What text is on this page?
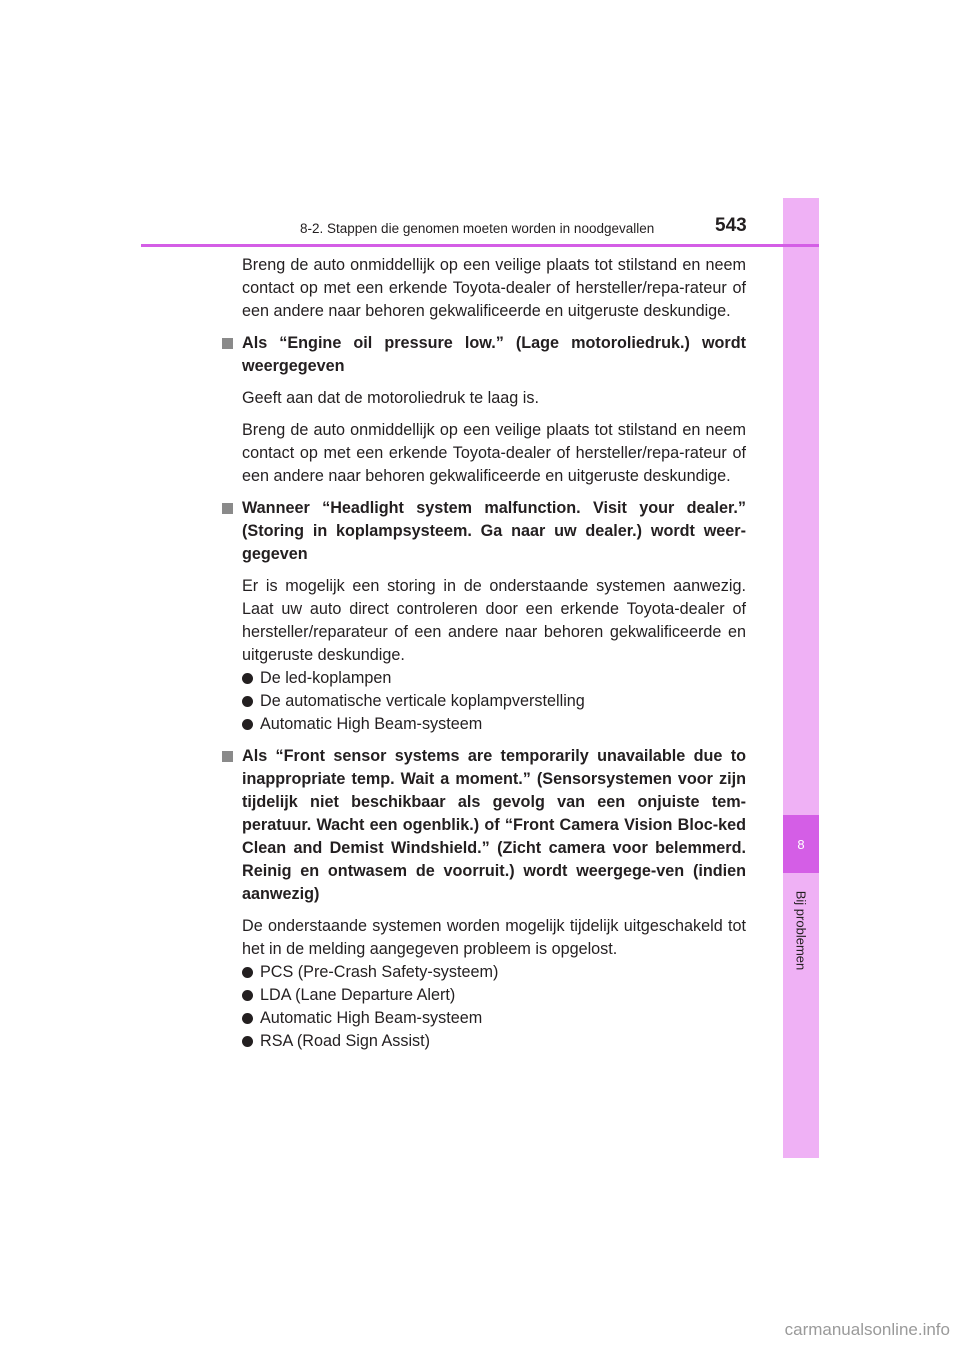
8
Bij problemen
8-2. Stappen die genomen moeten worden in noodgevallen	543

Breng de auto onmiddellijk op een veilige plaats tot stilstand en neem contact op met een erkende Toyota-dealer of hersteller/repa-rateur of een andere naar behoren gekwalificeerde en uitgeruste deskundige.

Als “Engine oil pressure low.” (Lage motoroliedruk.) wordt weergegeven

Geeft aan dat de motoroliedruk te laag is.

Breng de auto onmiddellijk op een veilige plaats tot stilstand en neem contact op met een erkende Toyota-dealer of hersteller/repa-rateur of een andere naar behoren gekwalificeerde en uitgeruste deskundige.

Wanneer “Headlight system malfunction. Visit your dealer.” (Storing in koplampsysteem. Ga naar uw dealer.) wordt weer-gegeven

Er is mogelijk een storing in de onderstaande systemen aanwezig. Laat uw auto direct controleren door een erkende Toyota-dealer of hersteller/reparateur of een andere naar behoren gekwalificeerde en uitgeruste deskundige.

De led-koplampen
De automatische verticale koplampverstelling
Automatic High Beam-systeem
Als “Front sensor systems are temporarily unavailable due to inappropriate temp. Wait a moment.” (Sensorsystemen voor zijn tijdelijk niet beschikbaar als gevolg van een onjuiste tem-peratuur. Wacht een ogenblik.) of “Front Camera Vision Bloc-ked Clean and Demist Windshield.” (Zicht camera voor belemmerd. Reinig en ontwasem de voorruit.) wordt weergege-ven (indien aanwezig)

De onderstaande systemen worden mogelijk tijdelijk uitgeschakeld tot het in de melding aangegeven probleem is opgelost.

PCS (Pre-Crash Safety-systeem)
LDA (Lane Departure Alert)
Automatic High Beam-systeem
RSA (Road Sign Assist)
carmanualsonline.info
